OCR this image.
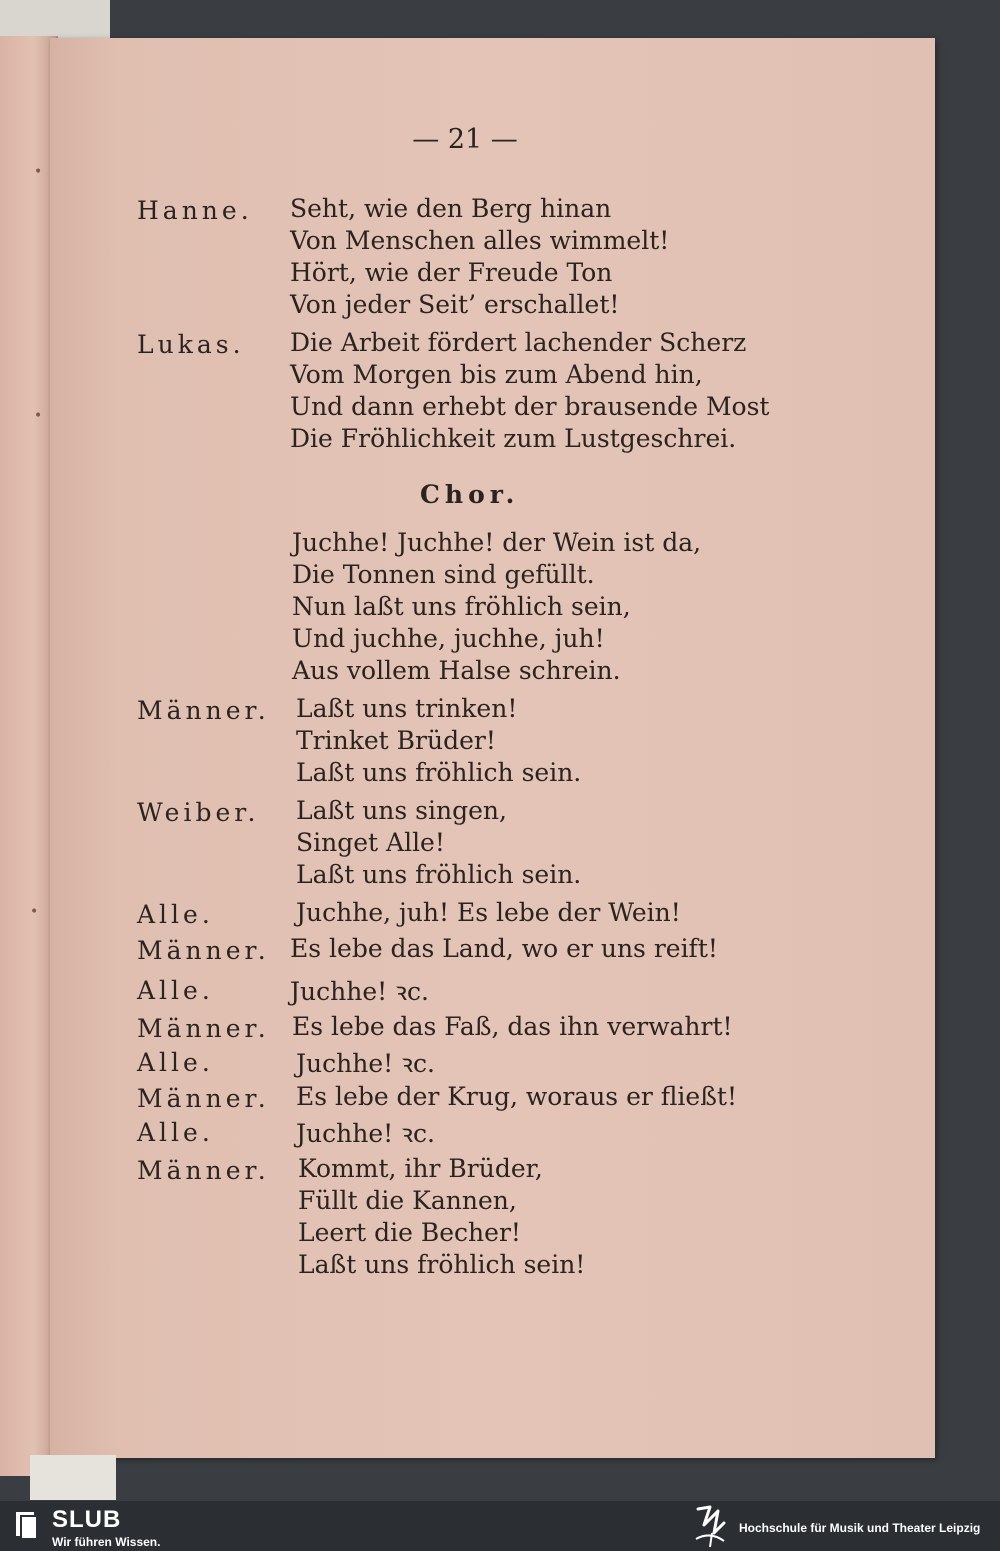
•
•
•
— 21 —
Hanne. Seht, wie den Berg hinan
Von Menschen alles wimmelt!
Hört, wie der Freude Ton
Von jeder Seit’ erschallet!
Lukas. Die Arbeit fördert lachender Scherz
Vom Morgen bis zum Abend hin,
Und dann erhebt der brausende Most
Die Fröhlichkeit zum Lustgeschrei.
Chor.
Juchhe! Juchhe! der Wein ist da,
Die Tonnen sind gefüllt.
Nun laßt uns fröhlich sein,
Und juchhe, juchhe, juh!
Aus vollem Halse schrein.
Männer. Laßt uns trinken!
Trinket Brüder!
Laßt uns fröhlich sein.
Weiber. Laßt uns singen,
Singet Alle!
Laßt uns fröhlich sein.
Alle.	Juchhe, juh! Es lebe der Wein!
Männer. Es lebe das Land, wo er uns reift!
Alle.	Juchhe! ꝛc.
Männer. Es lebe das Faß, das ihn verwahrt!
Alle.	Juchhe! ꝛc.
Männer. Es lebe der Krug, woraus er fließt!
Alle.	Juchhe! ꝛc.
Männer. Kommt, ihr Brüder,
Füllt die Kannen,
Leert die Becher!
Laßt uns fröhlich sein!
SLUB
Wir führen Wissen.
Hochschule für Musik und Theater Leipzig
